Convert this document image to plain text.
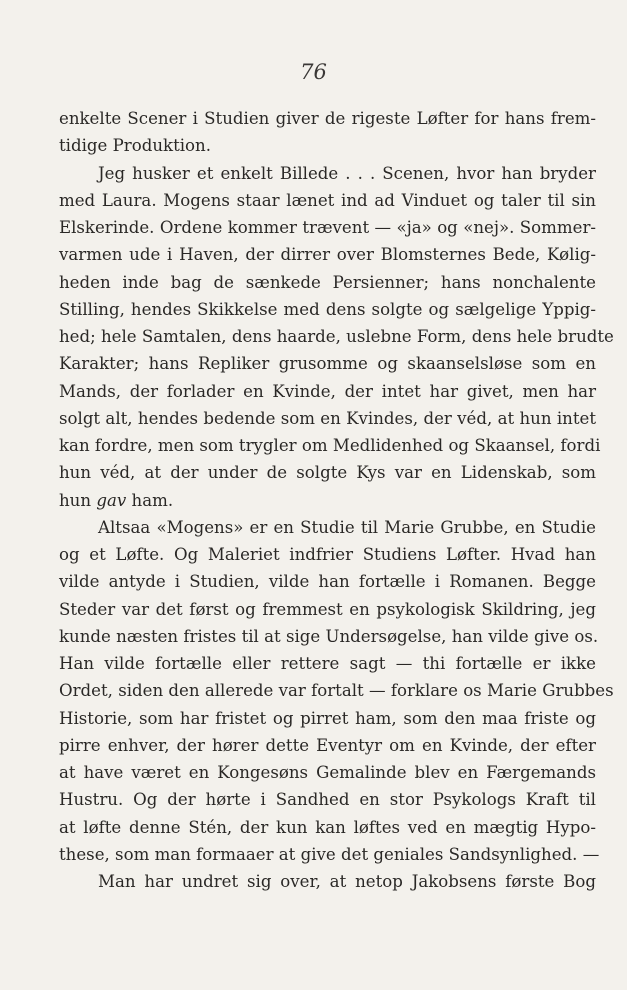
76

enkelte Scener i Studien giver de rigeste Løfter for hans frem-
tidige Produktion.

Jeg husker et enkelt Billede . . . Scenen, hvor han bryder

med Laura. Mogens staar lænet ind ad Vinduet og taler til sin
Elskerinde. Ordene kommer trævent — «ja» og «nej». Sommer-
varmen ude i Haven, der dirrer over Blomsternes Bede, Kølig-
heden inde bag de sænkede Persienner; hans nonchalente
Stilling, hendes Skikkelse med dens solgte og sælgelige Yppig-
hed; hele Samtalen, dens haarde, uslebne Form, dens hele brudte
Karakter; hans Repliker grusomme og skaanselsløse som en
Mands, der forlader en Kvinde, der intet har givet, men har
solgt alt, hendes bedende som en Kvindes, der véd, at hun intet
kan fordre, men som trygler om Medlidenhed og Skaansel, fordi
hun véd, at der under de solgte Kys var en Lidenskab, som
hun gav ham.

Altsaa «Mogens» er en Studie til Marie Grubbe, en Studie

og et Løfte. Og Maleriet indfrier Studiens Løfter. Hvad han
vilde antyde i Studien, vilde han fortælle i Romanen. Begge
Steder var det først og fremmest en psykologisk Skildring, jeg
kunde næsten fristes til at sige Undersøgelse, han vilde give os.
Han vilde fortælle eller rettere sagt — thi fortælle er ikke
Ordet, siden den allerede var fortalt — forklare os Marie Grubbes
Historie, som har fristet og pirret ham, som den maa friste og
pirre enhver, der hører dette Eventyr om en Kvinde, der efter
at have været en Kongesøns Gemalinde blev en Færgemands
Hustru. Og der hørte i Sandhed en stor Psykologs Kraft til
at løfte denne Stén, der kun kan løftes ved en mægtig Hypo-
these, som man formaaer at give det geniales Sandsynlighed. —

Man har undret sig over, at netop Jakobsens første Bog
